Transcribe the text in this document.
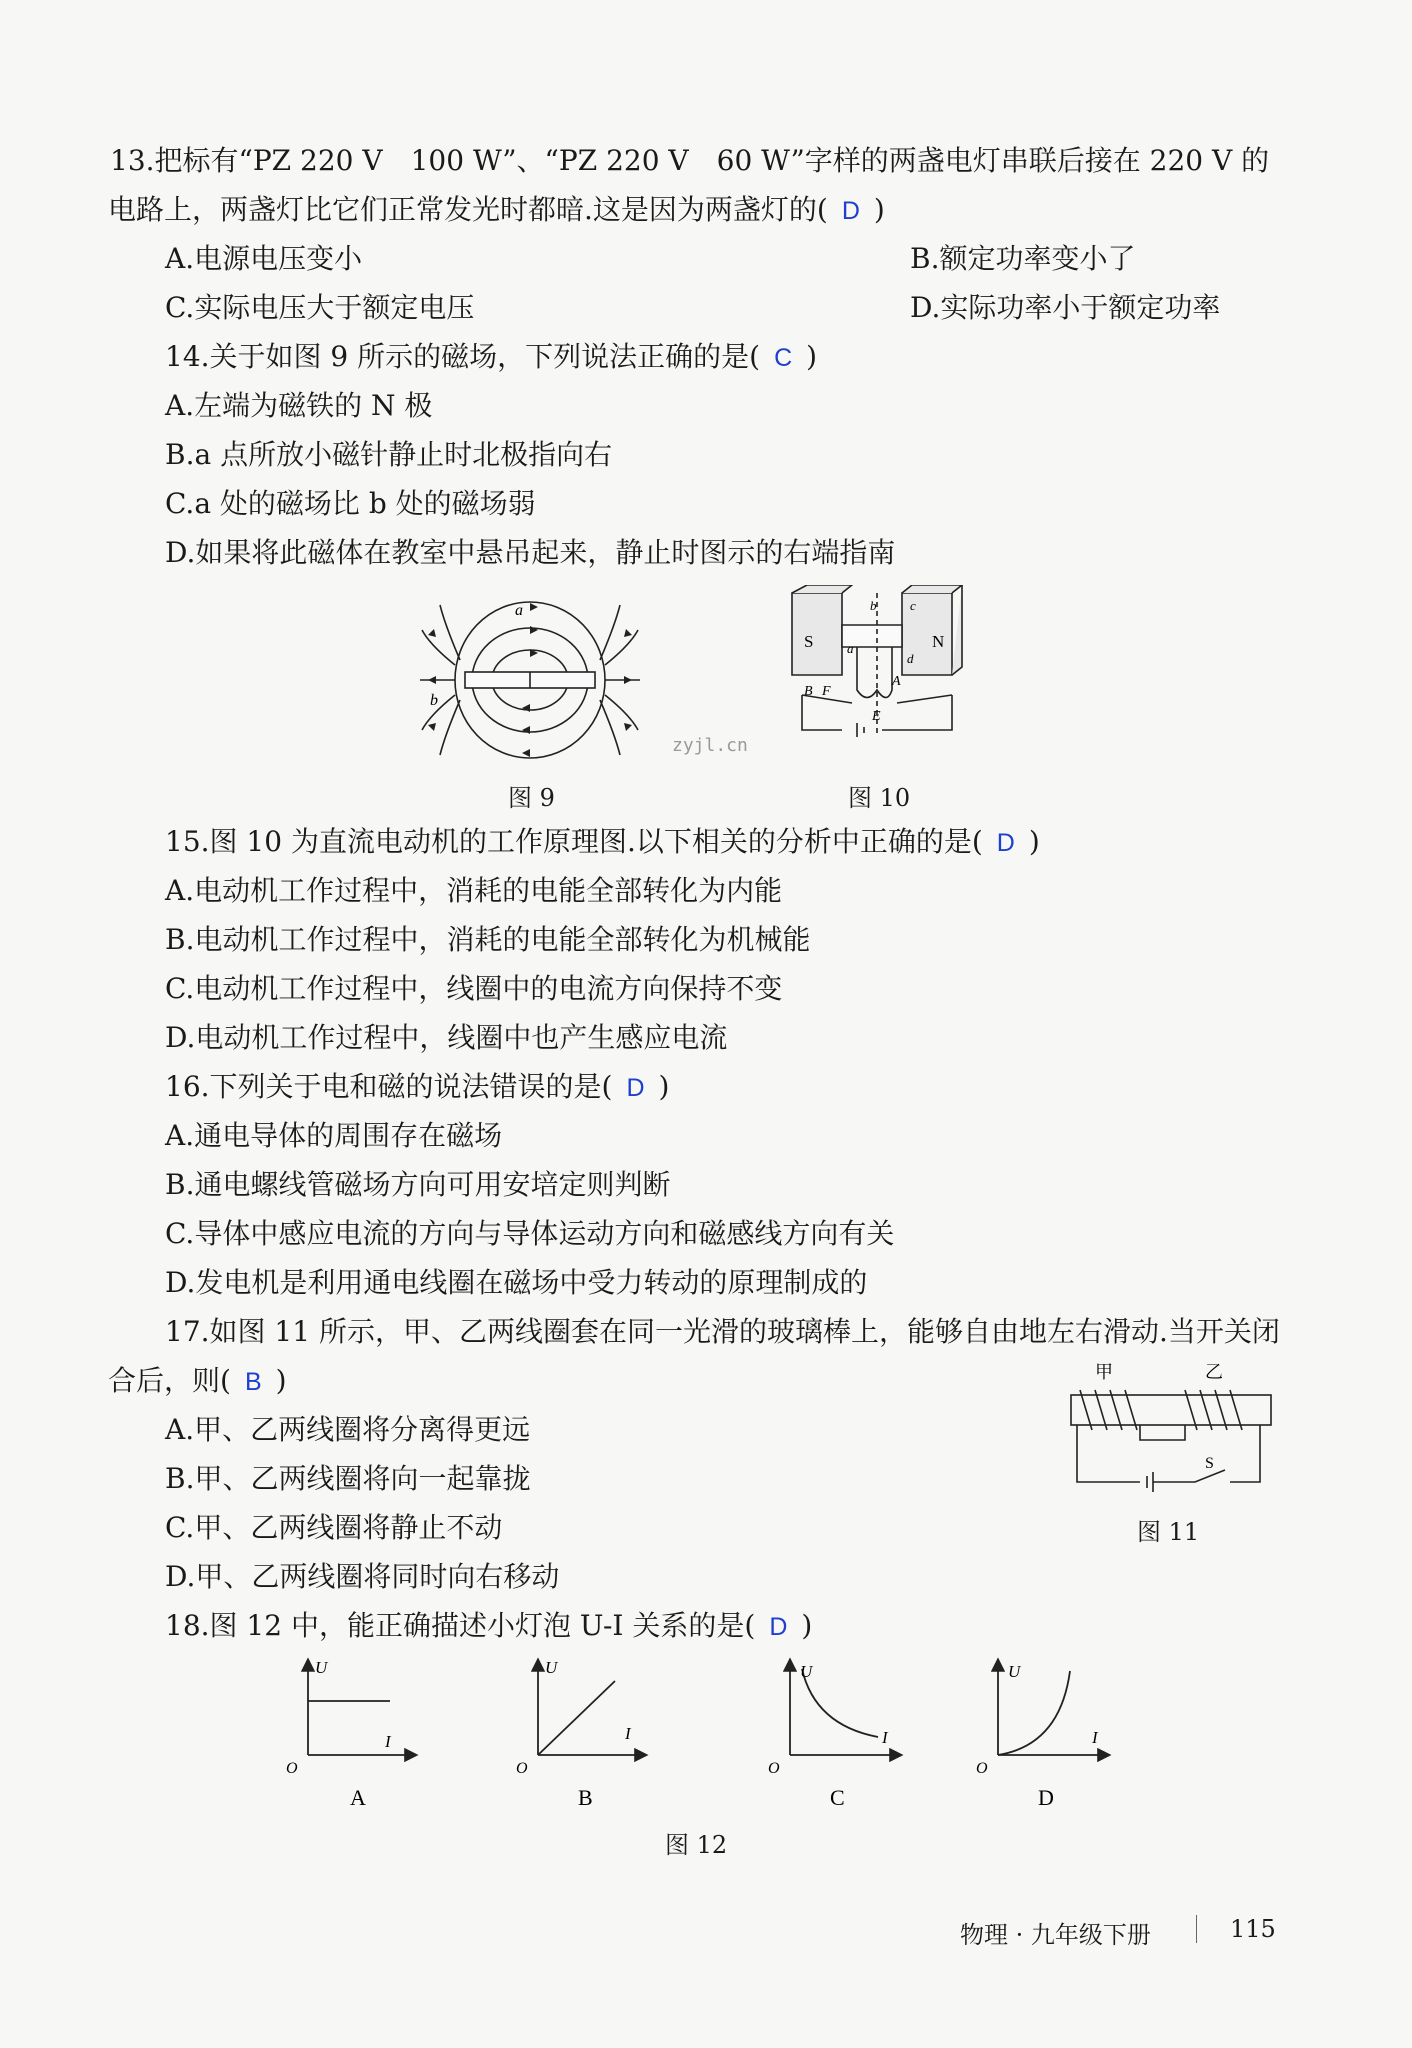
13.把标有“PZ 220 V　100 W”、“PZ 220 V　60 W”字样的两盏电灯串联后接在 220 V 的
电路上，两盏灯比它们正常发光时都暗.这是因为两盏灯的( D )
A.电源电压变小	B.额定功率变小了
C.实际电压大于额定电压	D.实际功率小于额定功率
14.关于如图 9 所示的磁场，下列说法正确的是( C )
A.左端为磁铁的 N 极
B.a 点所放小磁针静止时北极指向右
C.a 处的磁场比 b 处的磁场弱
D.如果将此磁体在教室中悬吊起来，静止时图示的右端指南
a
b
图 9
S	N
a
b	c
d
B F
A
E
zyjl.cn
图 10
15.图 10 为直流电动机的工作原理图.以下相关的分析中正确的是( D )
A.电动机工作过程中，消耗的电能全部转化为内能
B.电动机工作过程中，消耗的电能全部转化为机械能
C.电动机工作过程中，线圈中的电流方向保持不变
D.电动机工作过程中，线圈中也产生感应电流
16.下列关于电和磁的说法错误的是( D )
A.通电导体的周围存在磁场
B.通电螺线管磁场方向可用安培定则判断
C.导体中感应电流的方向与导体运动方向和磁感线方向有关
D.发电机是利用通电线圈在磁场中受力转动的原理制成的
17.如图 11 所示，甲、乙两线圈套在同一光滑的玻璃棒上，能够自由地左右滑动.当开关闭
合后，则( B )
A.甲、乙两线圈将分离得更远
B.甲、乙两线圈将向一起靠拢
C.甲、乙两线圈将静止不动
D.甲、乙两线圈将同时向右移动
甲	乙
S
图 11
18.图 12 中，能正确描述小灯泡 U-I 关系的是( D )
U
I
O
A
U
I
O
B
U
I
O
C
U
I
O
D
图 12
物理 · 九年级下册	115
